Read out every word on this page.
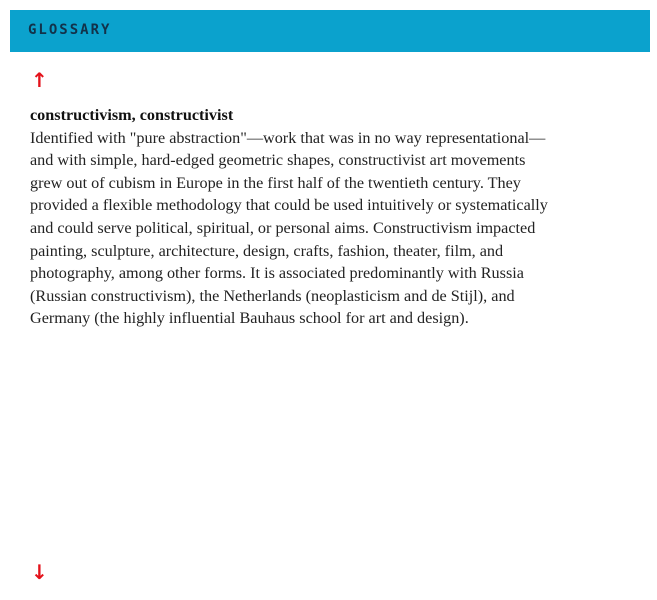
GLOSSARY
↑
constructivism, constructivist
Identified with "pure abstraction"—work that was in no way representational—
and with simple, hard-edged geometric shapes, constructivist art movements
grew out of cubism in Europe in the first half of the twentieth century. They
provided a flexible methodology that could be used intuitively or systematically
and could serve political, spiritual, or personal aims. Constructivism impacted
painting, sculpture, architecture, design, crafts, fashion, theater, film, and
photography, among other forms. It is associated predominantly with Russia
(Russian constructivism), the Netherlands (neoplasticism and de Stijl), and
Germany (the highly influential Bauhaus school for art and design).
↓
